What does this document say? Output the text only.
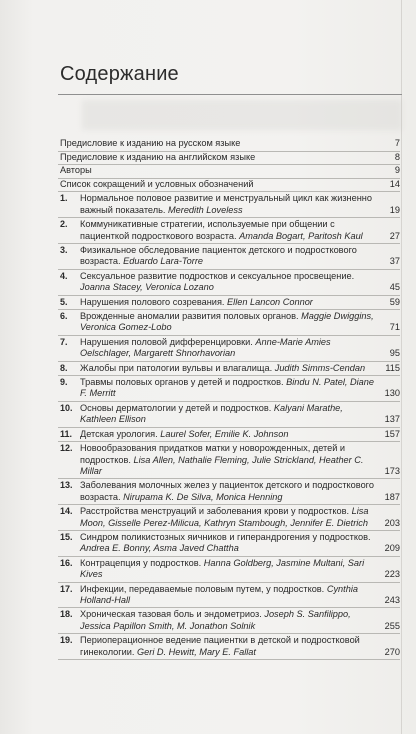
Содержание
Предисловие к изданию на русском языке	7
Предисловие к изданию на английском языке	8
Авторы	9
Список сокращений и условных обозначений	14
1.	Нормальное половое развитие и менструальный цикл как жизненно важный показатель. Meredith Loveless	19
2.	Коммуникативные стратегии, используемые при общении с пациенткой подросткового возраста. Amanda Bogart, Paritosh Kaul	27
3.	Физикальное обследование пациенток детского и подросткового возраста. Eduardo Lara-Torre	37
4.	Сексуальное развитие подростков и сексуальное просвещение. Joanna Stacey, Veronica Lozano	45
5.	Нарушения полового созревания. Ellen Lancon Connor	59
6.	Врожденные аномалии развития половых органов. Maggie Dwiggins, Veronica Gomez-Lobo	71
7.	Нарушения половой дифференцировки. Anne-Marie Amies Oelschlager, Margarett Shnorhavorian	95
8.	Жалобы при патологии вульвы и влагалища. Judith Simms-Cendan	115
9.	Травмы половых органов у детей и подростков. Bindu N. Patel, Diane F. Merritt	130
10. Основы дерматологии у детей и подростков. Kalyani Marathe, Kathleen Ellison	137
11. Детская урология. Laurel Sofer, Emilie K. Johnson	157
12. Новообразования придатков матки у новорожденных, детей и подростков. Lisa Allen, Nathalie Fleming, Julie Strickland, Heather C. Millar	173
13. Заболевания молочных желез у пациенток детского и подросткового возраста. Nirupama K. De Silva, Monica Henning	187
14. Расстройства менструаций и заболевания крови у подростков. Lisa Moon, Gisselle Perez-Milicua, Kathryn Stambough, Jennifer E. Dietrich	203
15. Синдром поликистозных яичников и гиперандрогения у подростков. Andrea E. Bonny, Asma Javed Chattha	209
16. Контрацепция у подростков. Hanna Goldberg, Jasmine Multani, Sari Kives	223
17. Инфекции, передаваемые половым путем, у подростков. Cynthia Holland-Hall	243
18. Хроническая тазовая боль и эндометриоз. Joseph S. Sanfilippo, Jessica Papillon Smith, M. Jonathon Solnik	255
19. Периоперационное ведение пациентки в детской и подростковой гинекологии. Geri D. Hewitt, Mary E. Fallat	270
